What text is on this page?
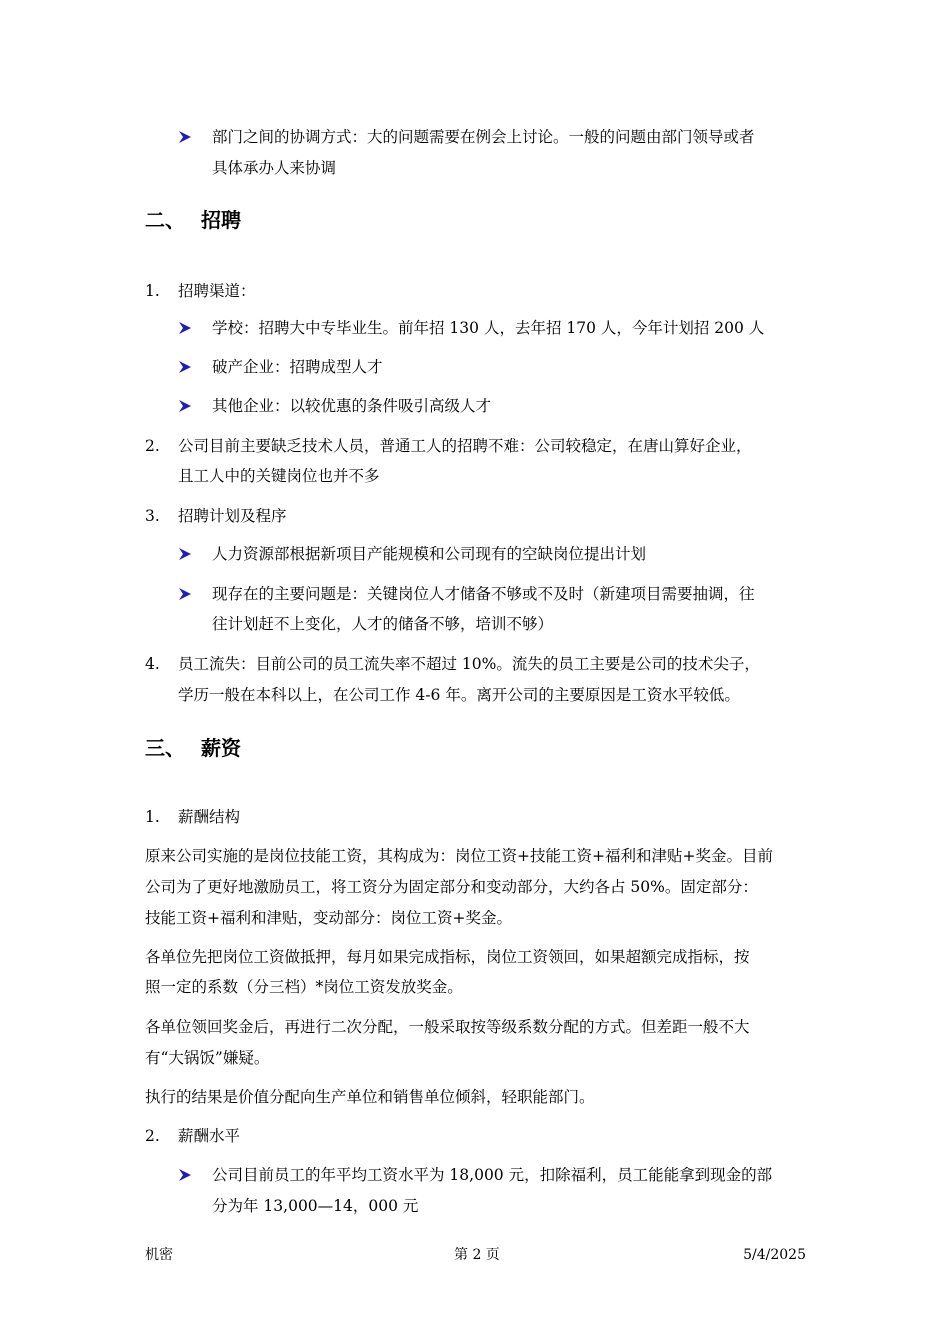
部门之间的协调方式：大的问题需要在例会上讨论。一般的问题由部门领导或者
具体承办人来协调
二、 招聘
1. 招聘渠道：
学校：招聘大中专毕业生。前年招 130 人，去年招 170 人，今年计划招 200 人
破产企业：招聘成型人才
其他企业：以较优惠的条件吸引高级人才
2. 公司目前主要缺乏技术人员，普通工人的招聘不难：公司较稳定，在唐山算好企业，
且工人中的关键岗位也并不多
3. 招聘计划及程序
人力资源部根据新项目产能规模和公司现有的空缺岗位提出计划
现存在的主要问题是：关键岗位人才储备不够或不及时（新建项目需要抽调，往
往计划赶不上变化，人才的储备不够，培训不够）
4. 员工流失：目前公司的员工流失率不超过 10%。流失的员工主要是公司的技术尖子，
学历一般在本科以上，在公司工作 4-6 年。离开公司的主要原因是工资水平较低。
三、 薪资
1. 薪酬结构
原来公司实施的是岗位技能工资，其构成为：岗位工资+技能工资+福利和津贴+奖金。目前
公司为了更好地激励员工，将工资分为固定部分和变动部分，大约各占 50%。固定部分：
技能工资+福利和津贴，变动部分：岗位工资+奖金。
各单位先把岗位工资做抵押，每月如果完成指标，岗位工资领回，如果超额完成指标，按
照一定的系数（分三档）*岗位工资发放奖金。
各单位领回奖金后，再进行二次分配，一般采取按等级系数分配的方式。但差距一般不大
有“大锅饭”嫌疑。
执行的结果是价值分配向生产单位和销售单位倾斜，轻职能部门。
2. 薪酬水平
公司目前员工的年平均工资水平为 18,000 元，扣除福利，员工能能拿到现金的部
分为年 13,000—14，000 元
机密	第 2 页	5/4/2025
